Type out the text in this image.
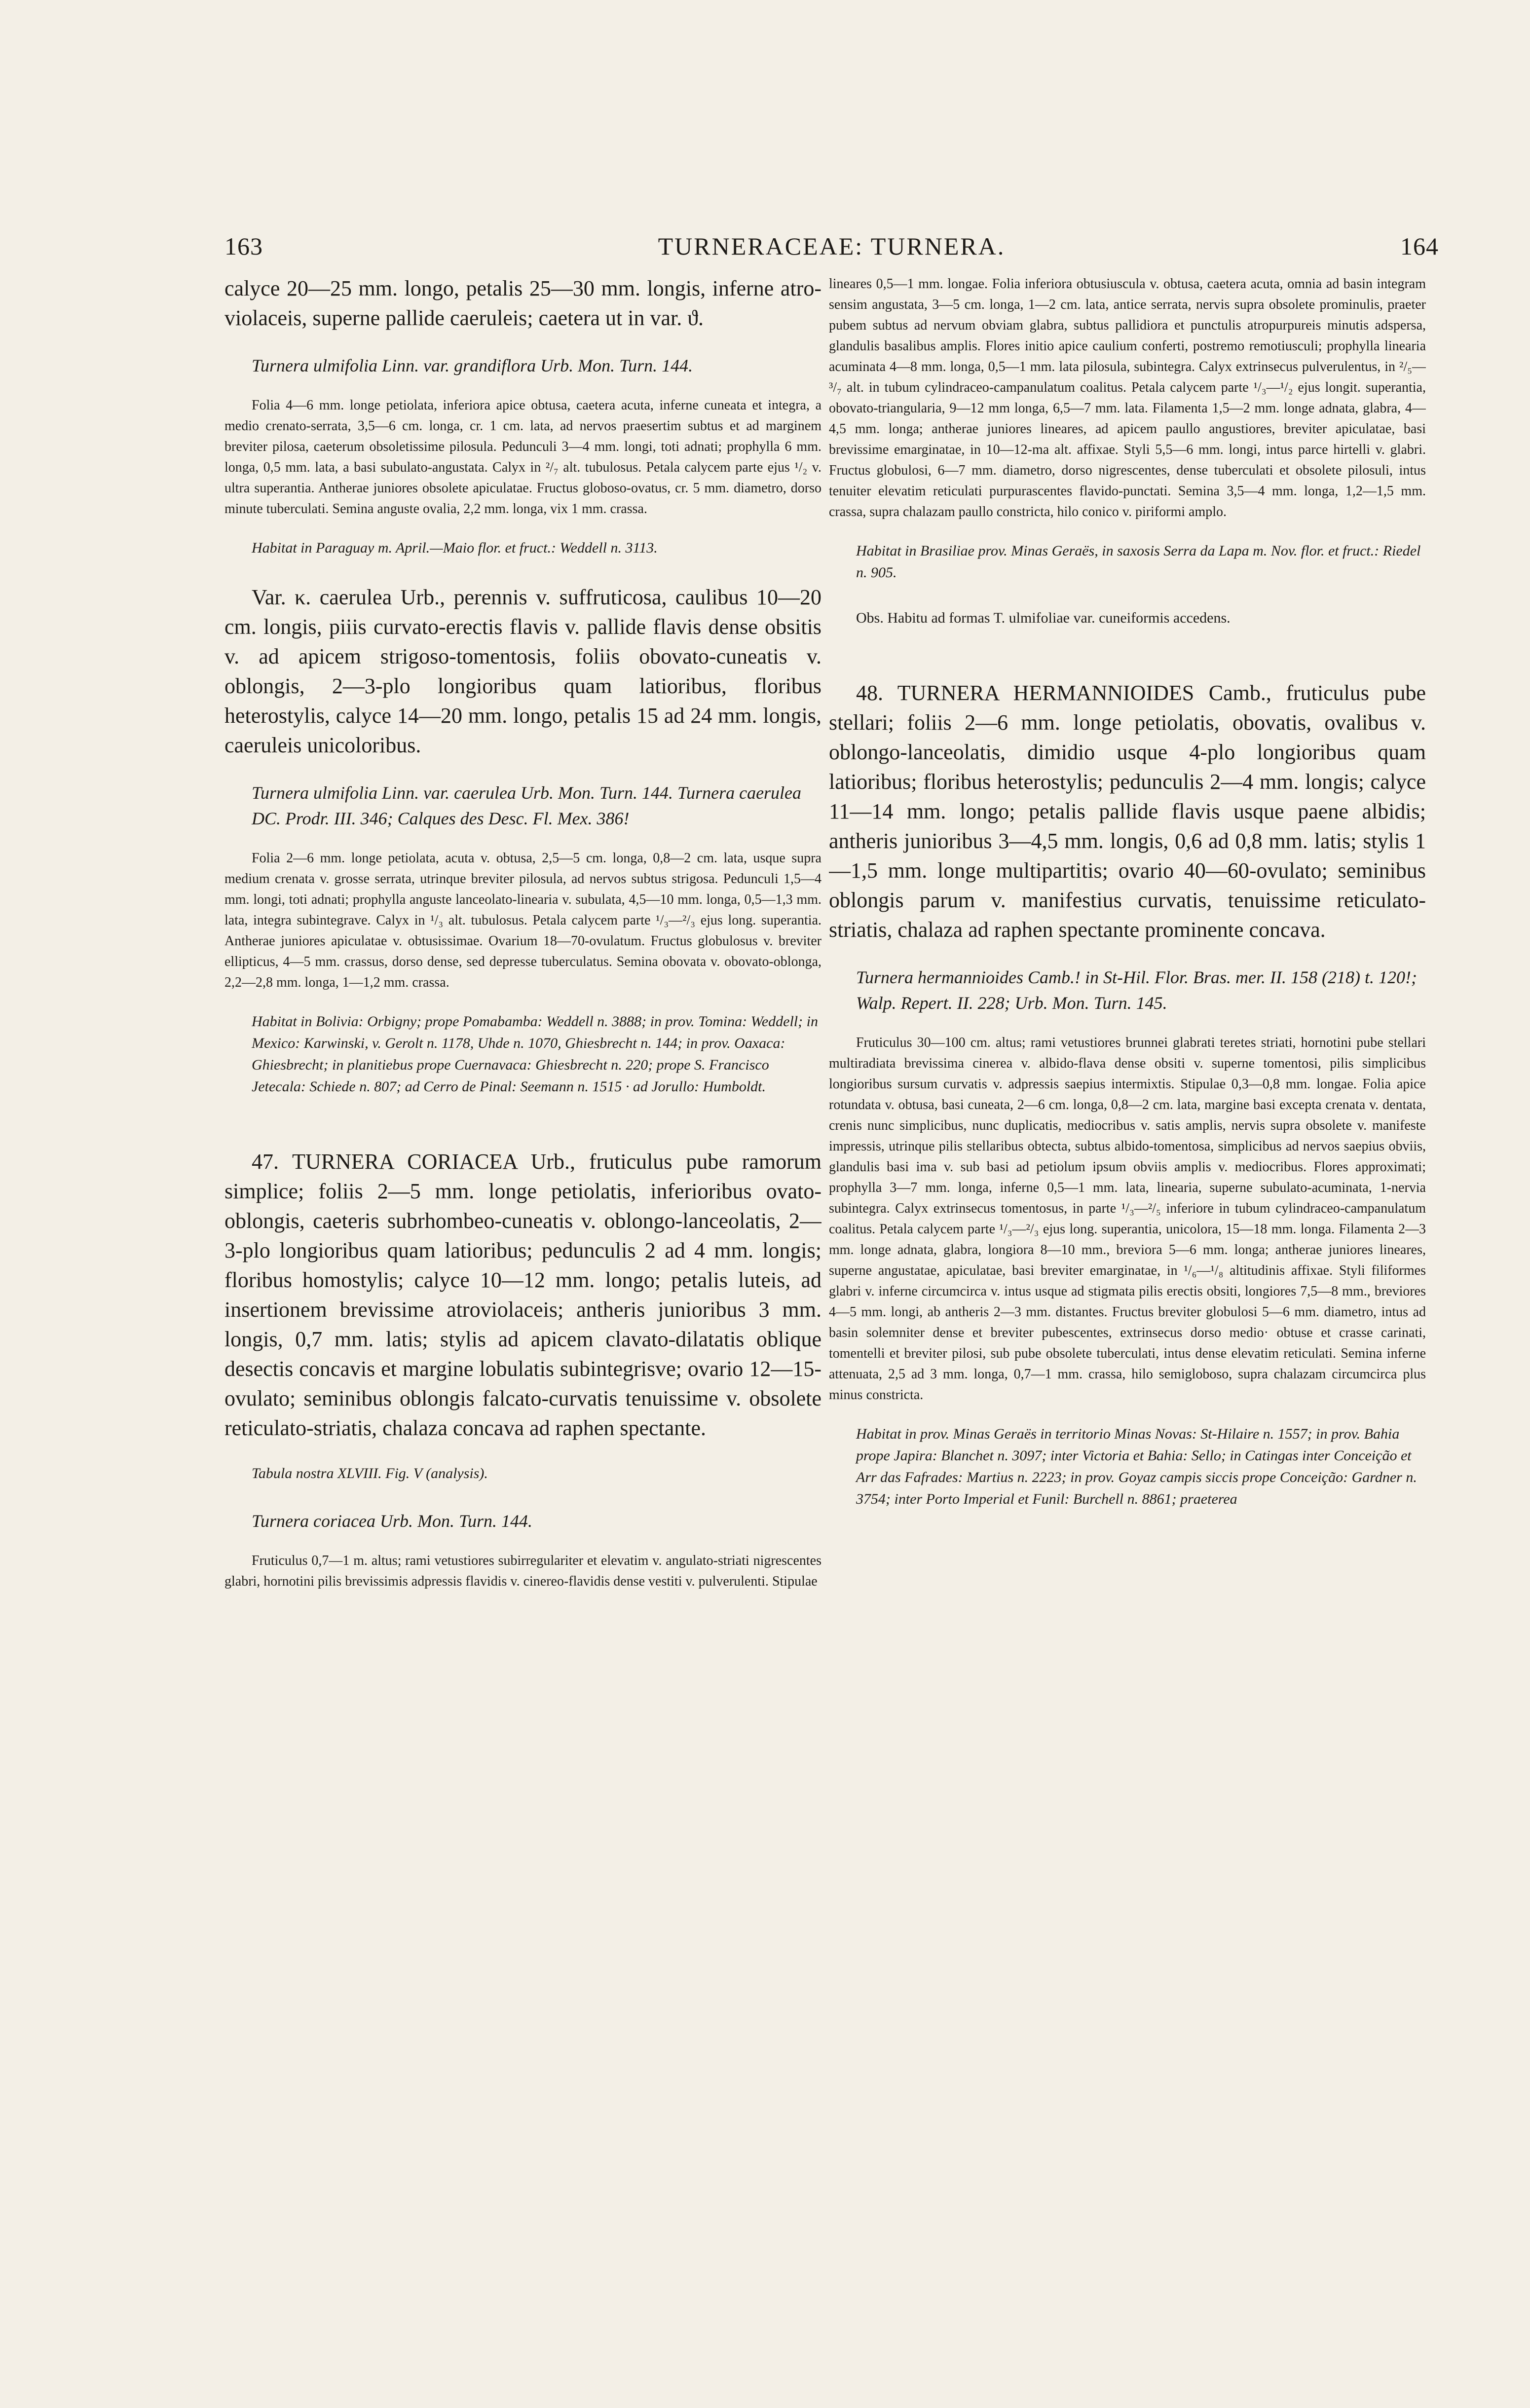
163	TURNERACEAE: TURNERA.	164

calyce 20—25 mm. longo, petalis 25—30 mm. longis, inferne atro-violaceis, superne pallide caeruleis; caetera ut in var. ϑ.

Turnera ulmifolia Linn. var. grandiflora Urb. Mon. Turn. 144.

Folia 4—6 mm. longe petiolata, inferiora apice obtusa, caetera acuta, inferne cuneata et integra, a medio crenato-serrata, 3,5—6 cm. longa, cr. 1 cm. lata, ad nervos praesertim subtus et ad marginem breviter pilosa, caeterum obsoletissime pilosula. Pedunculi 3—4 mm. longi, toti adnati; prophylla 6 mm. longa, 0,5 mm. lata, a basi subulato-angustata. Calyx in ²/₇ alt. tubulosus. Petala calycem parte ejus ¹/₂ v. ultra superantia. Antherae juniores obsolete apiculatae. Fructus globoso-ovatus, cr. 5 mm. diametro, dorso minute tuberculati. Semina anguste ovalia, 2,2 mm. longa, vix 1 mm. crassa.

Habitat in Paraguay m. April.—Maio flor. et fruct.: Weddell n. 3113.

Var. κ. caerulea Urb., perennis v. suffruticosa, caulibus 10—20 cm. longis, piiis curvato-erectis flavis v. pallide flavis dense obsitis v. ad apicem strigoso-tomentosis, foliis obovato-cuneatis v. oblongis, 2—3-plo longioribus quam latioribus, floribus heterostylis, calyce 14—20 mm. longo, petalis 15 ad 24 mm. longis, caeruleis unicoloribus.

Turnera ulmifolia Linn. var. caerulea Urb. Mon. Turn. 144. Turnera caerulea DC. Prodr. III. 346; Calques des Desc. Fl. Mex. 386!

Folia 2—6 mm. longe petiolata, acuta v. obtusa, 2,5—5 cm. longa, 0,8—2 cm. lata, usque supra medium crenata v. grosse serrata, utrinque breviter pilosula, ad nervos subtus strigosa. Pedunculi 1,5—4 mm. longi, toti adnati; prophylla anguste lanceolato-linearia v. subulata, 4,5—10 mm. longa, 0,5—1,3 mm. lata, integra subintegrave. Calyx in ¹/₃ alt. tubulosus. Petala calycem parte ¹/₃—²/₃ ejus long. superantia. Antherae juniores apiculatae v. obtusissimae. Ovarium 18—70-ovulatum. Fructus globulosus v. breviter ellipticus, 4—5 mm. crassus, dorso dense, sed depresse tuberculatus. Semina obovata v. obovato-oblonga, 2,2—2,8 mm. longa, 1—1,2 mm. crassa.

Habitat in Bolivia: Orbigny; prope Pomabamba: Weddell n. 3888; in prov. Tomina: Weddell; in Mexico: Karwinski, v. Gerolt n. 1178, Uhde n. 1070, Ghiesbrecht n. 144; in prov. Oaxaca: Ghiesbrecht; in planitiebus prope Cuernavaca: Ghiesbrecht n. 220; prope S. Francisco Jetecala: Schiede n. 807; ad Cerro de Pinal: Seemann n. 1515 · ad Jorullo: Humboldt.

47. TURNERA CORIACEA Urb., fruticulus pube ramorum simplice; foliis 2—5 mm. longe petiolatis, inferioribus ovato-oblongis, caeteris subrhombeo-cuneatis v. oblongo-lanceolatis, 2—3-plo longioribus quam latioribus; pedunculis 2 ad 4 mm. longis; floribus homostylis; calyce 10—12 mm. longo; petalis luteis, ad insertionem brevissime atroviolaceis; antheris junioribus 3 mm. longis, 0,7 mm. latis; stylis ad apicem clavato-dilatatis oblique desectis concavis et margine lobulatis subintegrisve; ovario 12—15-ovulato; seminibus oblongis falcato-curvatis tenuissime v. obsolete reticulato-striatis, chalaza concava ad raphen spectante.

Tabula nostra XLVIII. Fig. V (analysis).

Turnera coriacea Urb. Mon. Turn. 144.

Fruticulus 0,7—1 m. altus; rami vetustiores subirregulariter et elevatim v. angulato-striati nigrescentes glabri, hornotini pilis brevissimis adpressis flavidis v. cinereo-flavidis dense vestiti v. pulverulenti. Stipulae

lineares 0,5—1 mm. longae. Folia inferiora obtusiuscula v. obtusa, caetera acuta, omnia ad basin integram sensim angustata, 3—5 cm. longa, 1—2 cm. lata, antice serrata, nervis supra obsolete prominulis, praeter pubem subtus ad nervum obviam glabra, subtus pallidiora et punctulis atropurpureis minutis adspersa, glandulis basalibus amplis. Flores initio apice caulium conferti, postremo remotiusculi; prophylla linearia acuminata 4—8 mm. longa, 0,5—1 mm. lata pilosula, subintegra. Calyx extrinsecus pulverulentus, in ²/₅—³/₇ alt. in tubum cylindraceo-campanulatum coalitus. Petala calycem parte ¹/₃—¹/₂ ejus longit. superantia, obovato-triangularia, 9—12 mm longa, 6,5—7 mm. lata. Filamenta 1,5—2 mm. longe adnata, glabra, 4—4,5 mm. longa; antherae juniores lineares, ad apicem paullo angustiores, breviter apiculatae, basi brevissime emarginatae, in 10—12-ma alt. affixae. Styli 5,5—6 mm. longi, intus parce hirtelli v. glabri. Fructus globulosi, 6—7 mm. diametro, dorso nigrescentes, dense tuberculati et obsolete pilosuli, intus tenuiter elevatim reticulati purpurascentes flavido-punctati. Semina 3,5—4 mm. longa, 1,2—1,5 mm. crassa, supra chalazam paullo constricta, hilo conico v. piriformi amplo.

Habitat in Brasiliae prov. Minas Geraës, in saxosis Serra da Lapa m. Nov. flor. et fruct.: Riedel n. 905.

Obs. Habitu ad formas T. ulmifoliae var. cuneiformis accedens.

48. TURNERA HERMANNIOIDES Camb., fruticulus pube stellari; foliis 2—6 mm. longe petiolatis, obovatis, ovalibus v. oblongo-lanceolatis, dimidio usque 4-plo longioribus quam latioribus; floribus heterostylis; pedunculis 2—4 mm. longis; calyce 11—14 mm. longo; petalis pallide flavis usque paene albidis; antheris junioribus 3—4,5 mm. longis, 0,6 ad 0,8 mm. latis; stylis 1—1,5 mm. longe multipartitis; ovario 40—60-ovulato; seminibus oblongis parum v. manifestius curvatis, tenuissime reticulato-striatis, chalaza ad raphen spectante prominente concava.

Turnera hermannioides Camb.! in St-Hil. Flor. Bras. mer. II. 158 (218) t. 120!; Walp. Repert. II. 228; Urb. Mon. Turn. 145.

Fruticulus 30—100 cm. altus; rami vetustiores brunnei glabrati teretes striati, hornotini pube stellari multiradiata brevissima cinerea v. albido-flava dense obsiti v. superne tomentosi, pilis simplicibus longioribus sursum curvatis v. adpressis saepius intermixtis. Stipulae 0,3—0,8 mm. longae. Folia apice rotundata v. obtusa, basi cuneata, 2—6 cm. longa, 0,8—2 cm. lata, margine basi excepta crenata v. dentata, crenis nunc simplicibus, nunc duplicatis, mediocribus v. satis amplis, nervis supra obsolete v. manifeste impressis, utrinque pilis stellaribus obtecta, subtus albido-tomentosa, simplicibus ad nervos saepius obviis, glandulis basi ima v. sub basi ad petiolum ipsum obviis amplis v. mediocribus. Flores approximati; prophylla 3—7 mm. longa, inferne 0,5—1 mm. lata, linearia, superne subulato-acuminata, 1-nervia subintegra. Calyx extrinsecus tomentosus, in parte ¹/₃—²/₅ inferiore in tubum cylindraceo-campanulatum coalitus. Petala calycem parte ¹/₃—²/₃ ejus long. superantia, unicolora, 15—18 mm. longa. Filamenta 2—3 mm. longe adnata, glabra, longiora 8—10 mm., breviora 5—6 mm. longa; antherae juniores lineares, superne angustatae, apiculatae, basi breviter emarginatae, in ¹/₆—¹/₈ altitudinis affixae. Styli filiformes glabri v. inferne circumcirca v. intus usque ad stigmata pilis erectis obsiti, longiores 7,5—8 mm., breviores 4—5 mm. longi, ab antheris 2—3 mm. distantes. Fructus breviter globulosi 5—6 mm. diametro, intus ad basin solemniter dense et breviter pubescentes, extrinsecus dorso medio· obtuse et crasse carinati, tomentelli et breviter pilosi, sub pube obsolete tuberculati, intus dense elevatim reticulati. Semina inferne attenuata, 2,5 ad 3 mm. longa, 0,7—1 mm. crassa, hilo semigloboso, supra chalazam circumcirca plus minus constricta.

Habitat in prov. Minas Geraës in territorio Minas Novas: St-Hilaire n. 1557; in prov. Bahia prope Japira: Blanchet n. 3097; inter Victoria et Bahia: Sello; in Catingas inter Conceição et Arr das Fafrades: Martius n. 2223; in prov. Goyaz campis siccis prope Conceição: Gardner n. 3754; inter Porto Imperial et Funil: Burchell n. 8861; praeterea
